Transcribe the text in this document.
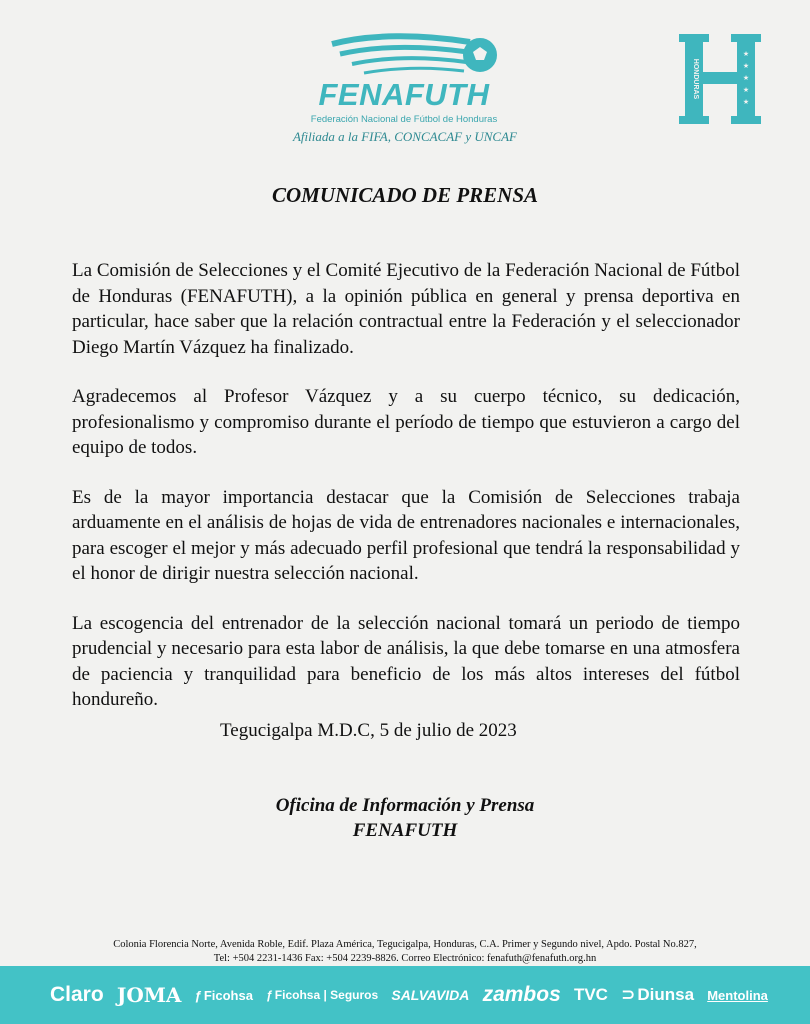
FENAFUTH
Federación Nacional de Fútbol de Honduras
Afiliada a la FIFA, CONCACAF y UNCAF
HONDURAS
★
★
★
★
★
COMUNICADO DE PRENSA

La Comisión de Selecciones y el Comité Ejecutivo de la Federación Nacional de Fútbol de Honduras (FENAFUTH), a la opinión pública en general y prensa deportiva en particular, hace saber que la relación contractual entre la Federación y el seleccionador Diego Martín Vázquez ha finalizado.

Agradecemos al Profesor Vázquez y a su cuerpo técnico, su dedicación, profesionalismo y compromiso durante el período de tiempo que estuvieron a cargo del equipo de todos.

Es de la mayor importancia destacar que la Comisión de Selecciones trabaja arduamente en el análisis de hojas de vida de entrenadores nacionales e internacionales, para escoger el mejor y más adecuado perfil profesional que tendrá la responsabilidad y el honor de dirigir nuestra selección nacional.

La escogencia del entrenador de la selección nacional tomará un periodo de tiempo prudencial y necesario para esta labor de análisis, la que debe tomarse en una atmosfera de paciencia y tranquilidad para beneficio de los más altos intereses del fútbol hondureño.

Tegucigalpa M.D.C, 5 de julio de 2023
Oficina de Información y Prensa
FENAFUTH
Colonia Florencia Norte, Avenida Roble, Edif. Plaza América, Tegucigalpa, Honduras, C.A. Primer y Segundo nivel, Apdo. Postal No.827,
Tel: +504 2231-1436 Fax: +504 2239-8826. Correo Electrónico: fenafuth@fenafuth.org.hn
Claro JOMA ƒ Ficohsa ƒ Ficohsa | Seguros SALVAVIDA zambos TVC ⊃ Diunsa Mentolina
